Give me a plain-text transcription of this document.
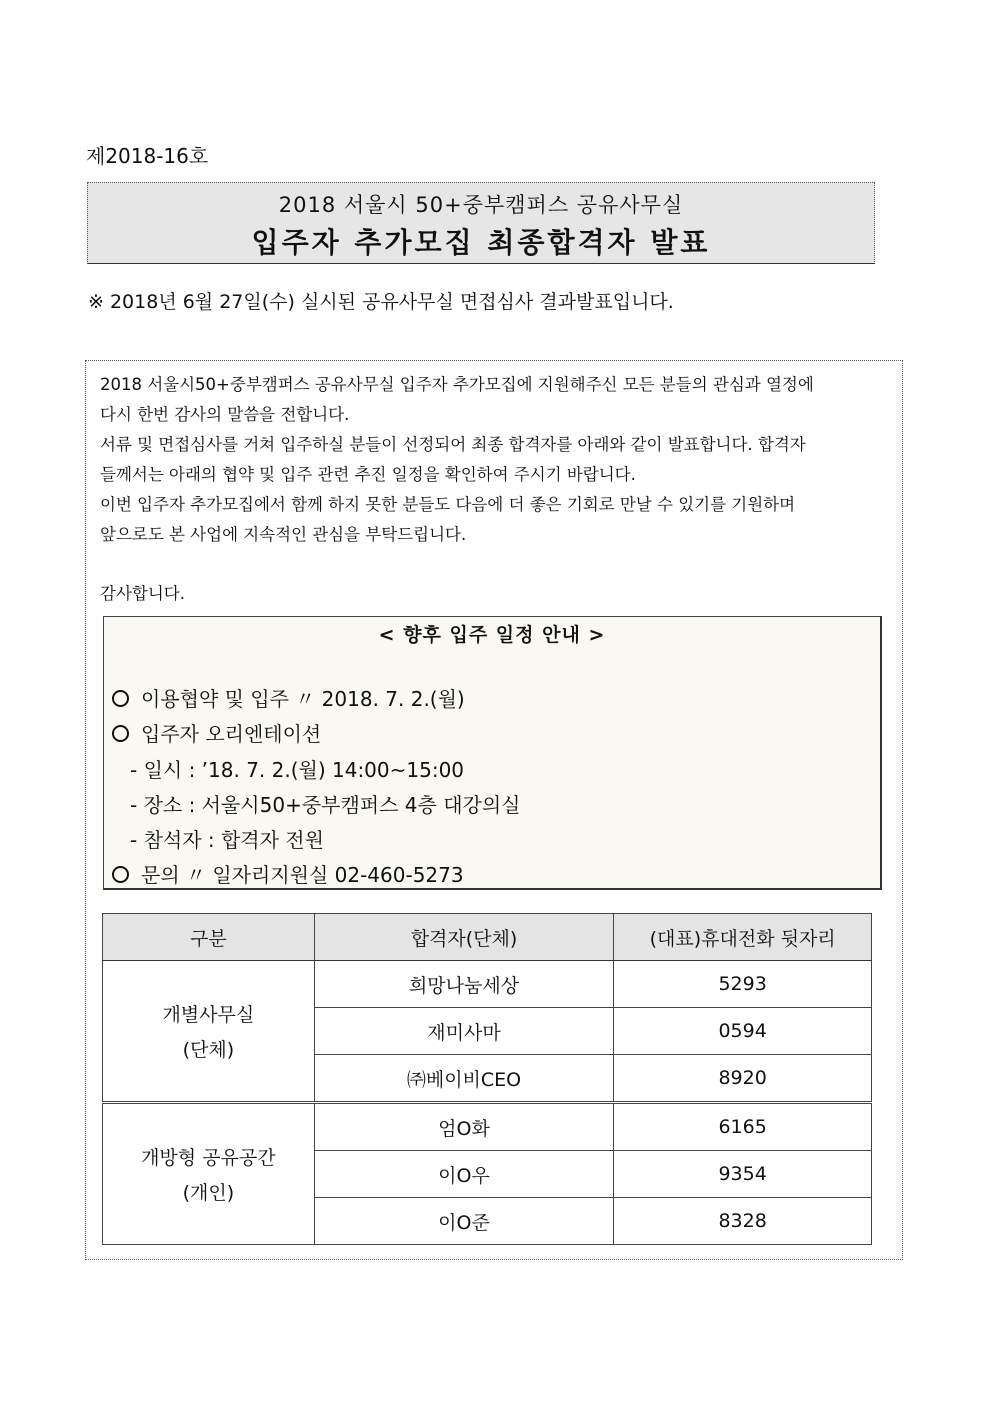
제2018-16호
2018 서울시 50+중부캠퍼스 공유사무실
입주자 추가모집 최종합격자 발표
※ 2018년 6월 27일(수) 실시된 공유사무실 면접심사 결과발표입니다.

2018 서울시50+중부캠퍼스 공유사무실 입주자 추가모집에 지원해주신 모든 분들의 관심과 열정에

다시 한번 감사의 말씀을 전합니다.

서류 및 면접심사를 거쳐 입주하실 분들이 선정되어 최종 합격자를 아래와 같이 발표합니다. 합격자

들께서는 아래의 협약 및 입주 관련 추진 일정을 확인하여 주시기 바랍니다.

이번 입주자 추가모집에서 함께 하지 못한 분들도 다음에 더 좋은 기회로 만날 수 있기를 기원하며

앞으로도 본 사업에 지속적인 관심을 부탁드립니다.

감사합니다.
< 향후 입주 일정 안내 >
이용협약 및 입주 〃 2018. 7. 2.(월)
입주자 오리엔테이션
- 일시 : ’18. 7. 2.(월) 14:00~15:00
- 장소 : 서울시50+중부캠퍼스 4층 대강의실
- 참석자 : 합격자 전원
문의 〃 일자리지원실 02-460-5273
구분	합격자(단체)	(대표)휴대전화 뒷자리

개별사무실
(단체)	희망나눔세상	5293
	재미사마	0594
	㈜베이비CEO	8920

개방형 공유공간
(개인)	엄O화	6165
	이O우	9354
	이O준	8328
